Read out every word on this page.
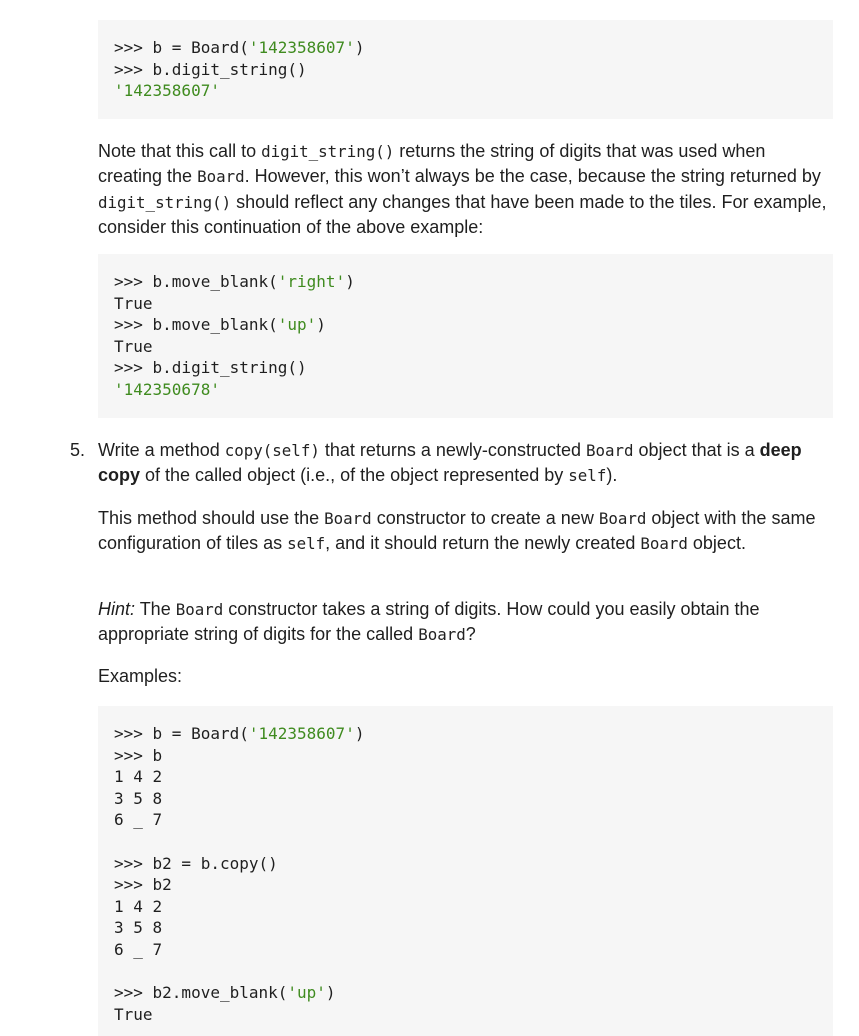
>>> b = Board('142358607')
>>> b.digit_string()
'142358607'

Note that this call to digit_string() returns the string of digits that was used when creating the Board. However, this won’t always be the case, because the string returned by digit_string() should reflect any changes that have been made to the tiles. For example, consider this continuation of the above example:

>>> b.move_blank('right')
True
>>> b.move_blank('up')
True
>>> b.digit_string()
'142350678'
5. Write a method copy(self) that returns a newly-constructed Board object that is a deep copy of the called object (i.e., of the object represented by self).

This method should use the Board constructor to create a new Board object with the same configuration of tiles as self, and it should return the newly created Board object.

Hint: The Board constructor takes a string of digits. How could you easily obtain the appropriate string of digits for the called Board?

Examples:

>>> b = Board('142358607')
>>> b
1 4 2
3 5 8
6 _ 7
>>> b2 = b.copy()
>>> b2
1 4 2
3 5 8
6 _ 7
>>> b2.move_blank('up')
True
